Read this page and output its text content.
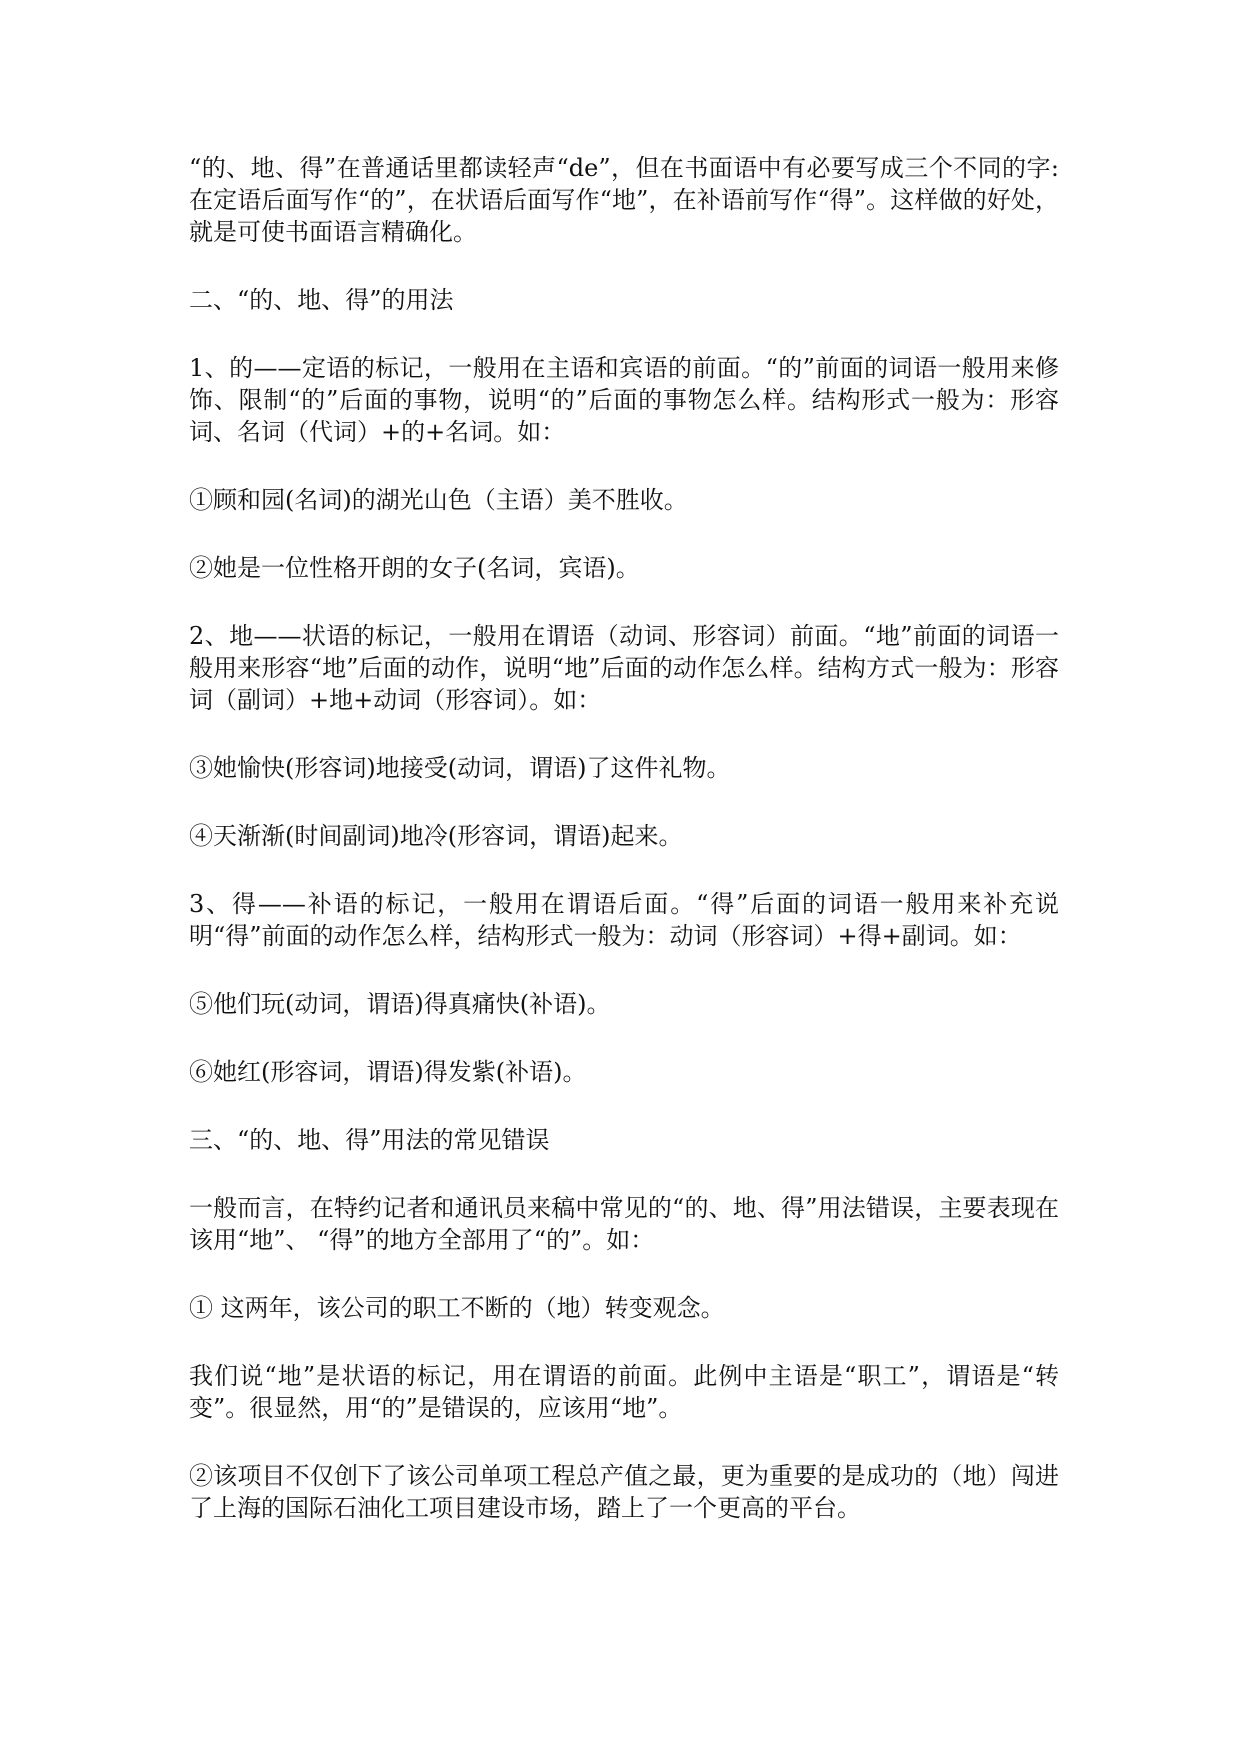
“的、地、得”在普通话里都读轻声“de”，但在书面语中有必要写成三个不同的字:在定语后面写作“的”，在状语后面写作“地”，在补语前写作“得”。这样做的好处，就是可使书面语言精确化。

二、“的、地、得”的用法

1、的——定语的标记，一般用在主语和宾语的前面。“的”前面的词语一般用来修饰、限制“的”后面的事物，说明“的”后面的事物怎么样。结构形式一般为：形容词、名词（代词）+的+名词。如：

①顾和园(名词)的湖光山色（主语）美不胜收。

②她是一位性格开朗的女子(名词，宾语)。

2、地——状语的标记，一般用在谓语（动词、形容词）前面。“地”前面的词语一般用来形容“地”后面的动作，说明“地”后面的动作怎么样。结构方式一般为：形容词（副词）+地+动词（形容词）。如：

③她愉快(形容词)地接受(动词，谓语)了这件礼物。

④天渐渐(时间副词)地冷(形容词，谓语)起来。

3、得——补语的标记，一般用在谓语后面。“得”后面的词语一般用来补充说明“得”前面的动作怎么样，结构形式一般为：动词（形容词）+得+副词。如：

⑤他们玩(动词，谓语)得真痛快(补语)。

⑥她红(形容词，谓语)得发紫(补语)。

三、“的、地、得”用法的常见错误

一般而言，在特约记者和通讯员来稿中常见的“的、地、得”用法错误，主要表现在该用“地”、 “得”的地方全部用了“的”。如：

① 这两年，该公司的职工不断的（地）转变观念。

我们说“地”是状语的标记，用在谓语的前面。此例中主语是“职工”，谓语是“转变”。很显然，用“的”是错误的，应该用“地”。

②该项目不仅创下了该公司单项工程总产值之最，更为重要的是成功的（地）闯进了上海的国际石油化工项目建设市场，踏上了一个更高的平台。
